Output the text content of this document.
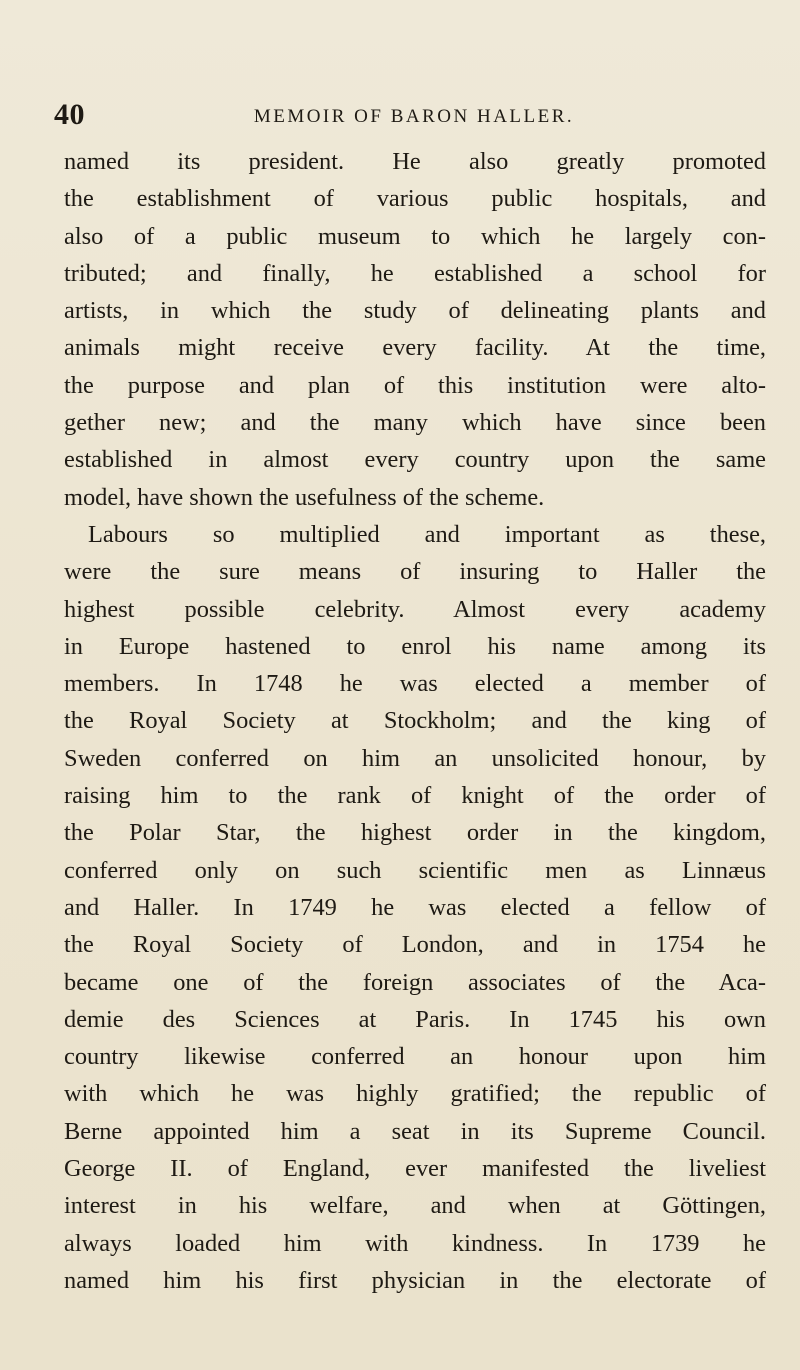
40	MEMOIR OF BARON HALLER.
named its president. He also greatly promoted
the establishment of various public hospitals, and
also of a public museum to which he largely con-
tributed; and finally, he established a school for
artists, in which the study of delineating plants and
animals might receive every facility. At the time,
the purpose and plan of this institution were alto-
gether new; and the many which have since been
established in almost every country upon the same
model, have shown the usefulness of the scheme.
Labours so multiplied and important as these,
were the sure means of insuring to Haller the
highest possible celebrity. Almost every academy
in Europe hastened to enrol his name among its
members. In 1748 he was elected a member of
the Royal Society at Stockholm; and the king of
Sweden conferred on him an unsolicited honour, by
raising him to the rank of knight of the order of
the Polar Star, the highest order in the kingdom,
conferred only on such scientific men as Linnæus
and Haller. In 1749 he was elected a fellow of
the Royal Society of London, and in 1754 he
became one of the foreign associates of the Aca-
demie des Sciences at Paris. In 1745 his own
country likewise conferred an honour upon him
with which he was highly gratified; the republic of
Berne appointed him a seat in its Supreme Council.
George II. of England, ever manifested the liveliest
interest in his welfare, and when at Göttingen,
always loaded him with kindness. In 1739 he
named him his first physician in the electorate of
